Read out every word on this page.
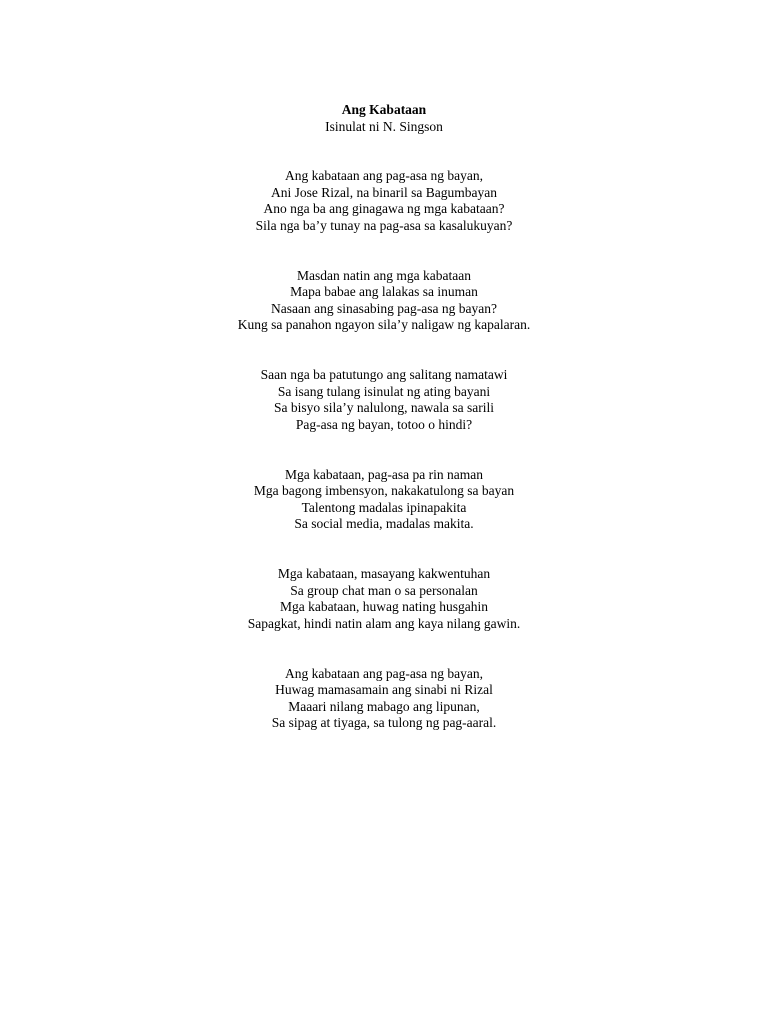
Ang Kabataan
Isinulat ni N. Singson
Ang kabataan ang pag-asa ng bayan,
Ani Jose Rizal, na binaril sa Bagumbayan
Ano nga ba ang ginagawa ng mga kabataan?
Sila nga ba’y tunay na pag-asa sa kasalukuyan?
Masdan natin ang mga kabataan
Mapa babae ang lalakas sa inuman
Nasaan ang sinasabing pag-asa ng bayan?
Kung sa panahon ngayon sila’y naligaw ng kapalaran.
Saan nga ba patutungo ang salitang namatawi
Sa isang tulang isinulat ng ating bayani
Sa bisyo sila’y nalulong, nawala sa sarili
Pag-asa ng bayan, totoo o hindi?
Mga kabataan, pag-asa pa rin naman
Mga bagong imbensyon, nakakatulong sa bayan
Talentong madalas ipinapakita
Sa social media, madalas makita.
Mga kabataan, masayang kakwentuhan
Sa group chat man o sa personalan
Mga kabataan, huwag nating husgahin
Sapagkat, hindi natin alam ang kaya nilang gawin.
Ang kabataan ang pag-asa ng bayan,
Huwag mamasamain ang sinabi ni Rizal
Maaari nilang mabago ang lipunan,
Sa sipag at tiyaga, sa tulong ng pag-aaral.
